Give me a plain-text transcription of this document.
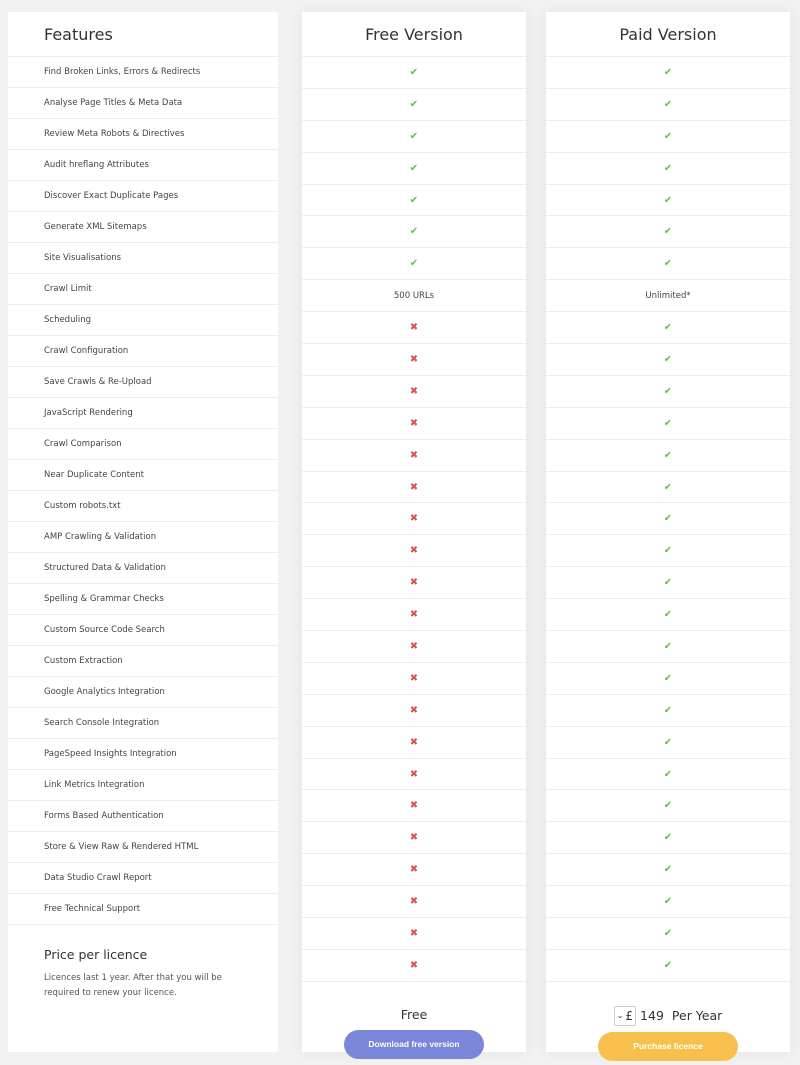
Features
Find Broken Links, Errors & Redirects
Analyse Page Titles & Meta Data
Review Meta Robots & Directives
Audit hreflang Attributes
Discover Exact Duplicate Pages
Generate XML Sitemaps
Site Visualisations
Crawl Limit
Scheduling
Crawl Configuration
Save Crawls & Re-Upload
JavaScript Rendering
Crawl Comparison
Near Duplicate Content
Custom robots.txt
AMP Crawling & Validation
Structured Data & Validation
Spelling & Grammar Checks
Custom Source Code Search
Custom Extraction
Google Analytics Integration
Search Console Integration
PageSpeed Insights Integration
Link Metrics Integration
Forms Based Authentication
Store & View Raw & Rendered HTML
Data Studio Crawl Report
Free Technical Support
Price per licence
Licences last 1 year. After that you will be required to renew your licence.
Free Version
✔
✔
✔
✔
✔
✔
✔
500 URLs
✖
✖
✖
✖
✖
✖
✖
✖
✖
✖
✖
✖
✖
✖
✖
✖
✖
✖
✖
✖
✖
Free
Download free version
Paid Version
✔
✔
✔
✔
✔
✔
✔
Unlimited*
✔
✔
✔
✔
✔
✔
✔
✔
✔
✔
✔
✔
✔
✔
✔
✔
✔
✔
✔
✔
✔
⌄ £ 149 Per Year
Purchase licence
